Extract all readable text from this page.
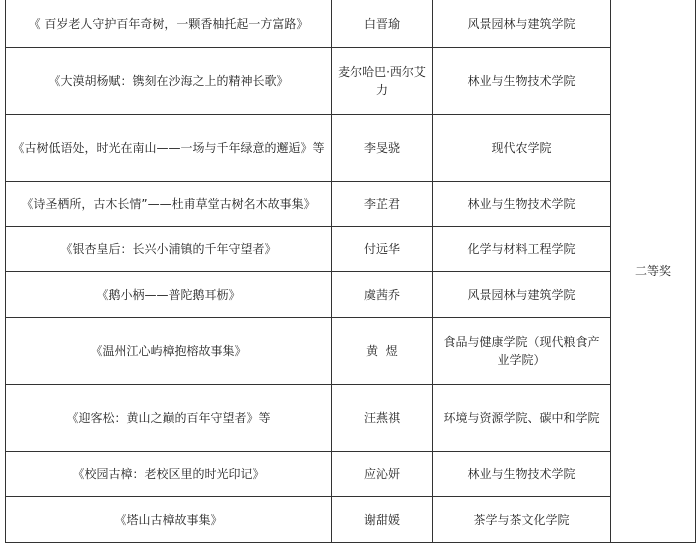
《 百岁老人守护百年奇树，一颗香柚托起一方富路》	白晋瑜	风景园林与建筑学院	二等奖
《大漠胡杨赋：镌刻在沙海之上的精神长歌》	麦尔哈巴·西尔艾力	林业与生物技术学院	
《古树低语处，时光在南山——一场与千年绿意的邂逅》等	李旻骁	现代农学院	
《诗圣栖所，古木长情”——杜甫草堂古树名木故事集》	李芷君	林业与生物技术学院	
《银杏皇后：长兴小浦镇的千年守望者》	付远华	化学与材料工程学院	
《鹅小柄——普陀鹅耳枥》	虞茜乔	风景园林与建筑学院	
《温州江心屿樟抱榕故事集》	黄  煜	食品与健康学院（现代粮食产业学院）	
《迎客松：黄山之巅的百年守望者》等	汪燕祺	环境与资源学院、碳中和学院	
《校园古樟：老校区里的时光印记》	应沁妍	林业与生物技术学院	
《塔山古樟故事集》	谢甜媛	茶学与茶文化学院	
